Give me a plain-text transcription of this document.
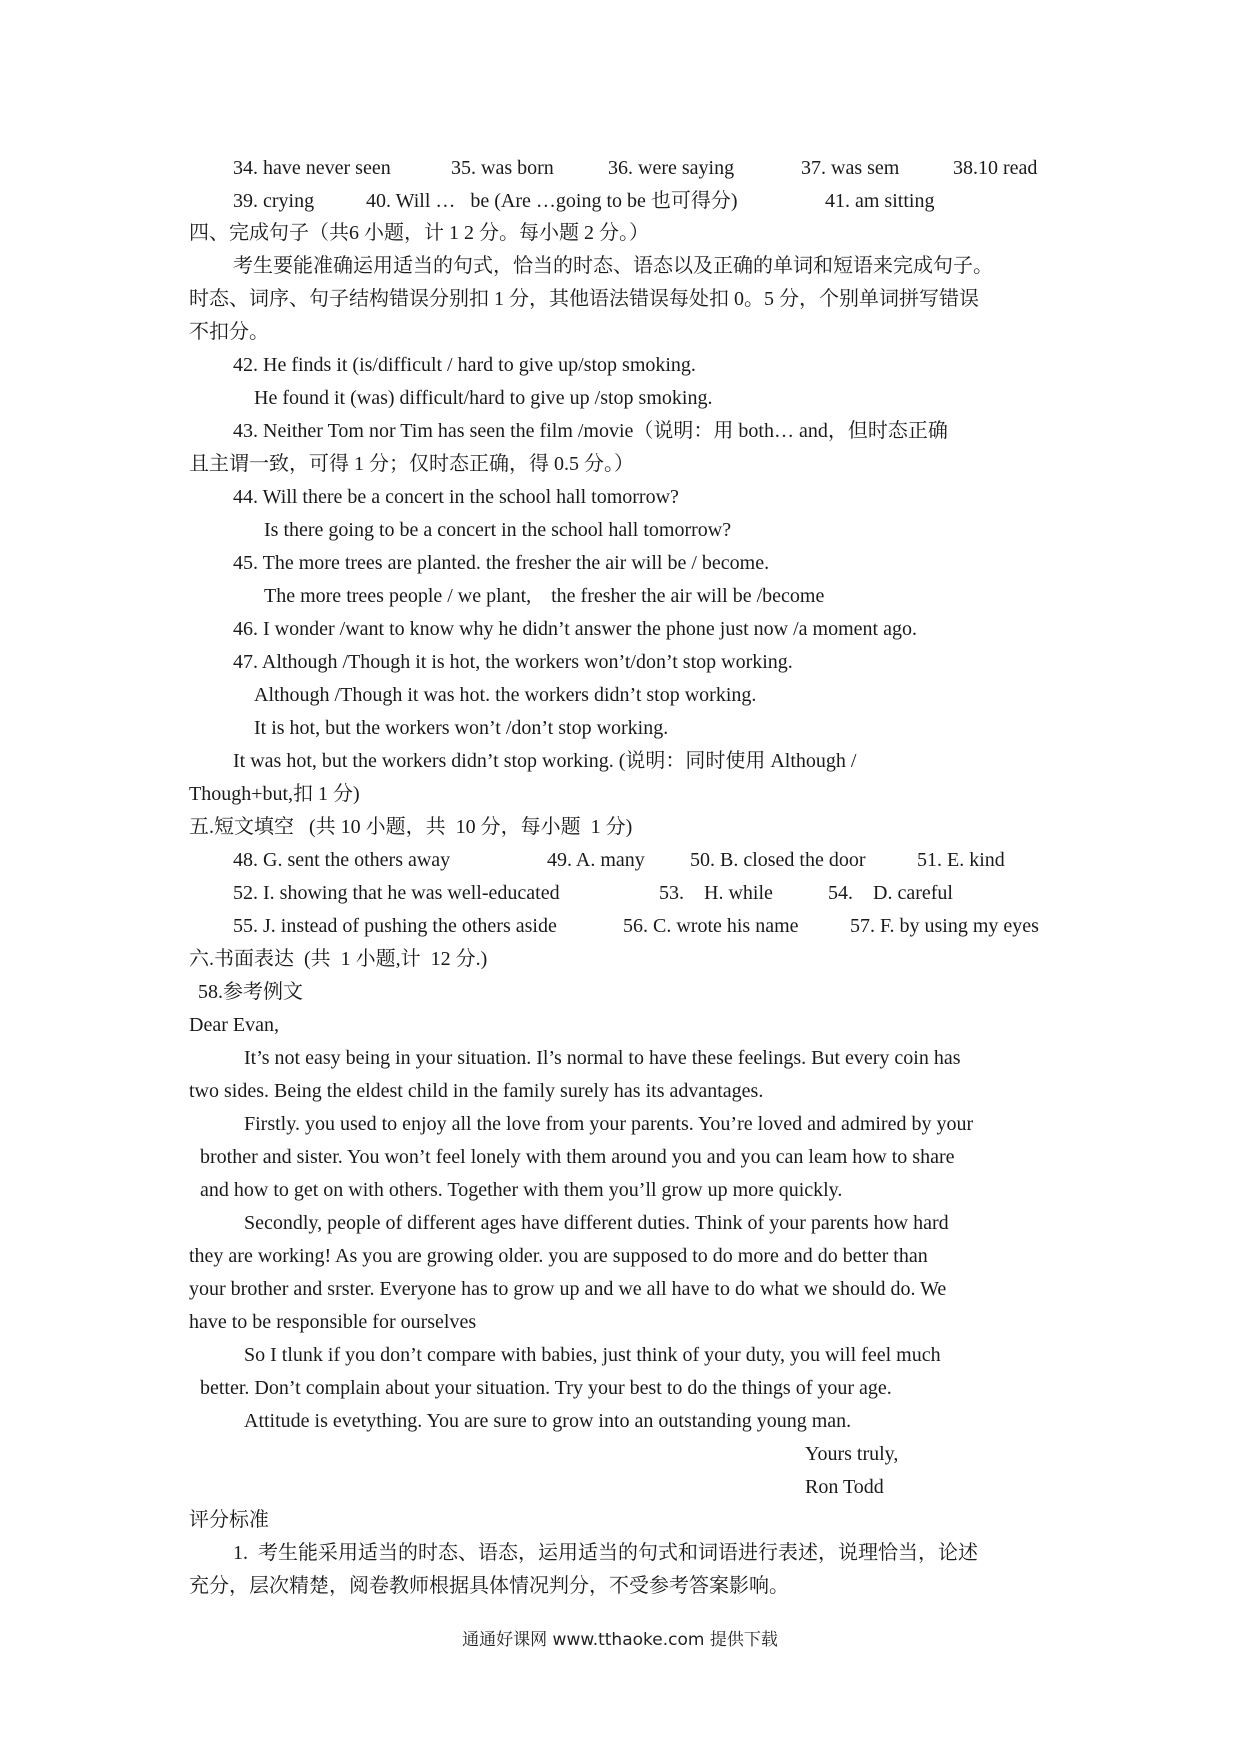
34. have never seen	35. was born	36. were saying	37. was sem	38.10 read
39. crying	40. Will …   be (Are …going to be 也可得分)	41. am sitting
四、完成句子（共6 小题，计 1 2 分。每小题 2 分。）
考生要能准确运用适当的句式，恰当的时态、语态以及正确的单词和短语来完成句子。
时态、词序、句子结构错误分别扣 1 分，其他语法错误每处扣 0。5 分，个别单词拼写错误
不扣分。
42. He finds it (is/difficult / hard to give up/stop smoking.
He found it (was) difficult/hard to give up /stop smoking.
43. Neither Tom nor Tim has seen the film /movie（说明：用 both… and，但时态正确
且主谓一致，可得 1 分；仅时态正确，得 0.5 分。）
44. Will there be a concert in the school hall tomorrow?
Is there going to be a concert in the school hall tomorrow?
45. The more trees are planted. the fresher the air will be / become.
The more trees people / we plant,    the fresher the air will be /become
46. I wonder /want to know why he didn’t answer the phone just now /a moment ago.
47. Although /Though it is hot, the workers won’t/don’t stop working.
Although /Though it was hot. the workers didn’t stop working.
It is hot, but the workers won’t /don’t stop working.
It was hot, but the workers didn’t stop working. (说明：同时使用 Although /
Though+but,扣 1 分)
五.短文填空   (共 10 小题，共  10 分，每小题  1 分)
48. G. sent the others away	49. A. many 50. B. closed the door	51. E. kind
52. I. showing that he was well-educated	53.    H. while	54.    D. careful
55. J. instead of pushing the others aside	56. C. wrote his name	57. F. by using my eyes
六.书面表达  (共  1 小题,计  12 分.)
58.参考例文
Dear Evan,
It’s not easy being in your situation. Il’s normal to have these feelings. But every coin has
two sides. Being the eldest child in the family surely has its advantages.
Firstly. you used to enjoy all the love from your parents. You’re loved and admired by your
brother and sister. You won’t feel lonely with them around you and you can leam how to share
and how to get on with others. Together with them you’ll grow up more quickly.
Secondly, people of different ages have different duties. Think of your parents how hard
they are working! As you are growing older. you are supposed to do more and do better than
your brother and srster. Everyone has to grow up and we all have to do what we should do. We
have to be responsible for ourselves
So I tlunk if you don’t compare with babies, just think of your duty, you will feel much
better. Don’t complain about your situation. Try your best to do the things of your age.
Attitude is evetything. You are sure to grow into an outstanding young man.
Yours truly,
Ron Todd
评分标准
1.  考生能采用适当的时态、语态，运用适当的句式和词语进行表述，说理恰当，论述
充分，层次精楚，阅卷教师根据具体情况判分，不受参考答案影响。
通通好课网 www.tthaoke.com 提供下载
